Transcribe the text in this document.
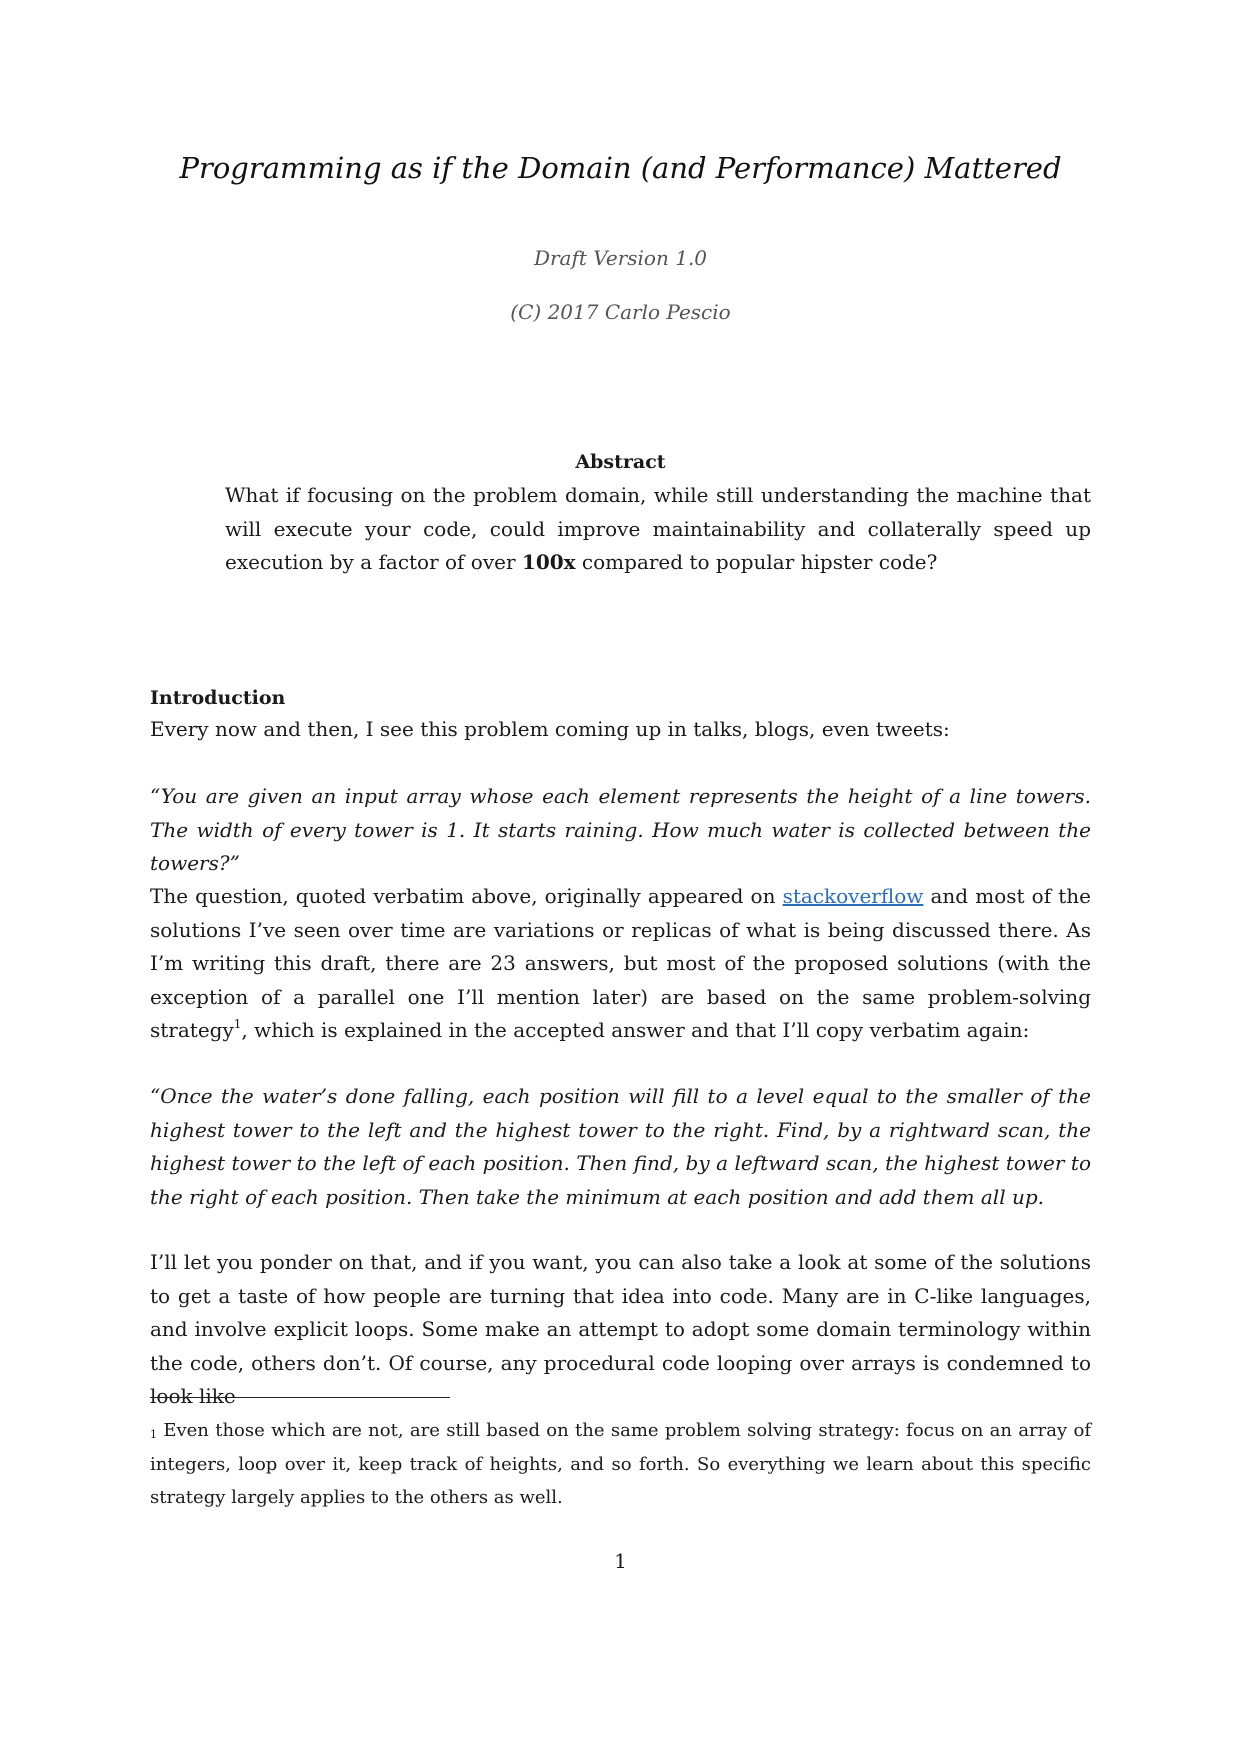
Programming as if the Domain (and Performance) Mattered

Draft Version 1.0

(C) 2017 Carlo Pescio

Abstract

What if focusing on the problem domain, while still understanding the machine that will execute your code, could improve maintainability and collaterally speed up execution by a factor of over 100x compared to popular hipster code?

Introduction

Every now and then, I see this problem coming up in talks, blogs, even tweets:

“You are given an input array whose each element represents the height of a line towers. The width of every tower is 1. It starts raining. How much water is collected between the towers?”

The question, quoted verbatim above, originally appeared on stackoverflow and most of the solutions I’ve seen over time are variations or replicas of what is being discussed there. As I’m writing this draft, there are 23 answers, but most of the proposed solutions (with the exception of a parallel one I’ll mention later) are based on the same problem-solving strategy$^1$, which is explained in the accepted answer and that I’ll copy verbatim again:

“Once the water’s done falling, each position will fill to a level equal to the smaller of the highest tower to the left and the highest tower to the right. Find, by a rightward scan, the highest tower to the left of each position. Then find, by a leftward scan, the highest tower to the right of each position. Then take the minimum at each position and add them all up.

I’ll let you ponder on that, and if you want, you can also take a look at some of the solutions to get a taste of how people are turning that idea into code. Many are in C-like languages, and involve explicit loops. Some make an attempt to adopt some domain terminology within the code, others don’t. Of course, any procedural code looping over arrays is condemned to look like

$^1$ Even those which are not, are still based on the same problem solving strategy: focus on an array of integers, loop over it, keep track of heights, and so forth. So everything we learn about this specific strategy largely applies to the others as well.

1
